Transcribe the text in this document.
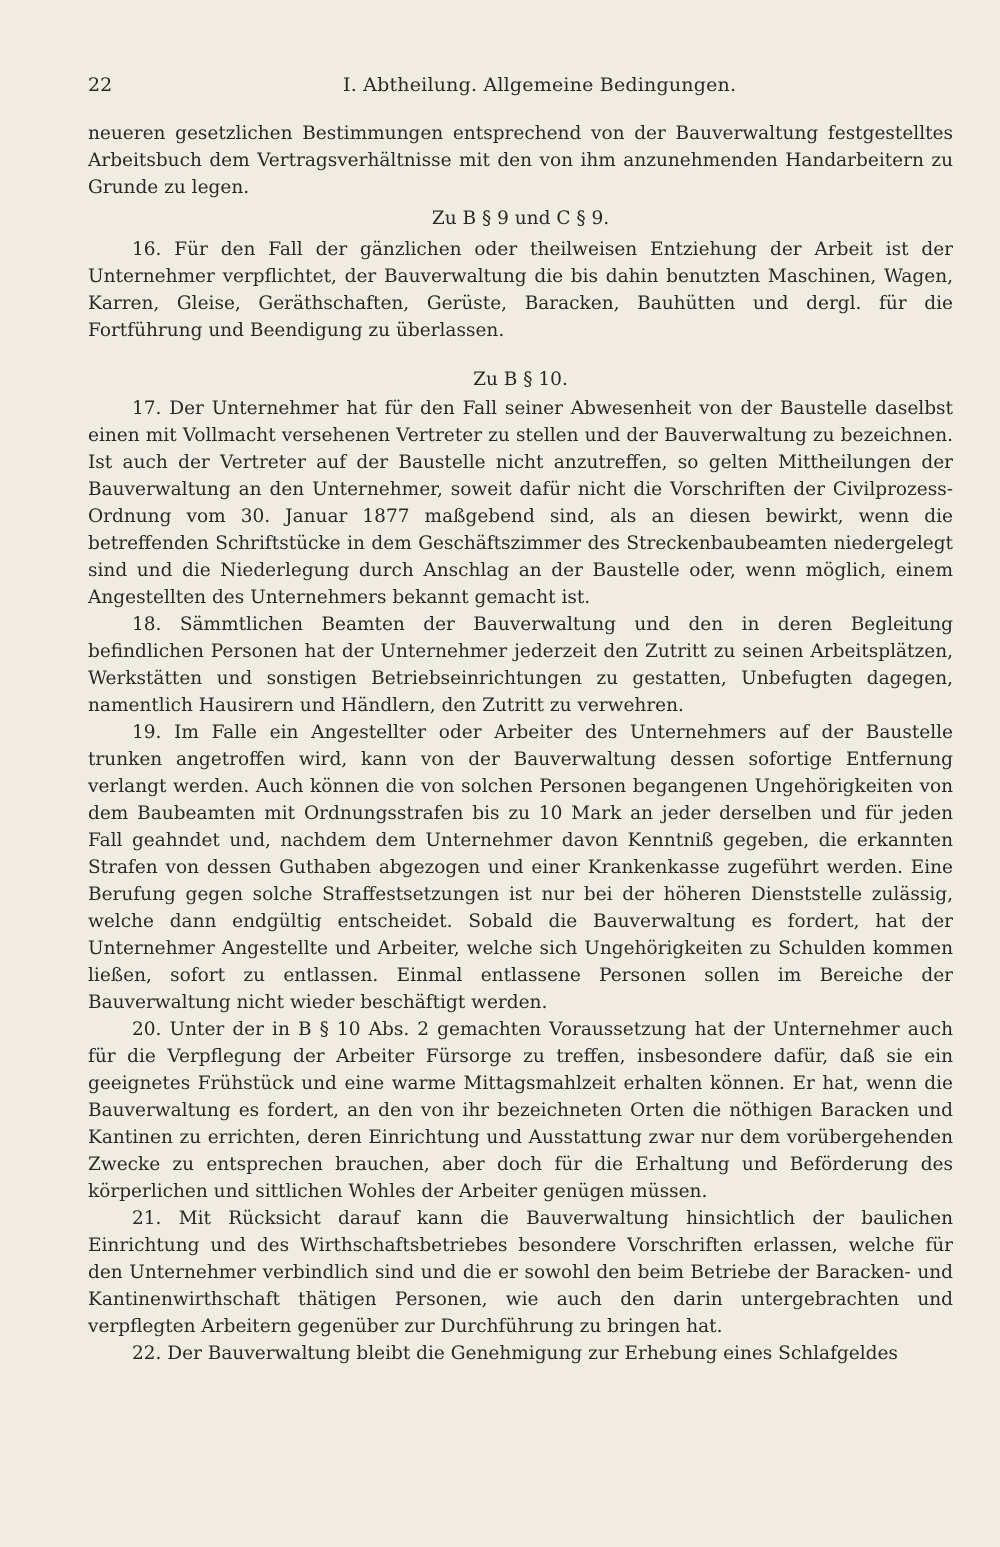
22	I. Abtheilung. Allgemeine Bedingungen.

neueren gesetzlichen Bestimmungen entsprechend von der Bauverwaltung festgestelltes Arbeitsbuch dem Vertragsverhältnisse mit den von ihm anzunehmenden Handarbeitern zu Grunde zu legen.

Zu B § 9 und C § 9.

16. Für den Fall der gänzlichen oder theilweisen Entziehung der Arbeit ist der Unternehmer verpflichtet, der Bauverwaltung die bis dahin benutzten Maschinen, Wagen, Karren, Gleise, Geräthschaften, Gerüste, Baracken, Bauhütten und dergl. für die Fortführung und Beendigung zu überlassen.

Zu B § 10.

17. Der Unternehmer hat für den Fall seiner Abwesenheit von der Baustelle daselbst einen mit Vollmacht versehenen Vertreter zu stellen und der Bauverwaltung zu bezeichnen. Ist auch der Vertreter auf der Baustelle nicht anzutreffen, so gelten Mittheilungen der Bauverwaltung an den Unternehmer, soweit dafür nicht die Vorschriften der Civilprozess-Ordnung vom 30. Januar 1877 maßgebend sind, als an diesen bewirkt, wenn die betreffenden Schriftstücke in dem Geschäftszimmer des Streckenbaubeamten niedergelegt sind und die Niederlegung durch Anschlag an der Baustelle oder, wenn möglich, einem Angestellten des Unternehmers bekannt gemacht ist.

18. Sämmtlichen Beamten der Bauverwaltung und den in deren Begleitung befindlichen Personen hat der Unternehmer jederzeit den Zutritt zu seinen Arbeitsplätzen, Werkstätten und sonstigen Betriebseinrichtungen zu gestatten, Unbefugten dagegen, namentlich Hausirern und Händlern, den Zutritt zu verwehren.

19. Im Falle ein Angestellter oder Arbeiter des Unternehmers auf der Baustelle trunken angetroffen wird, kann von der Bauverwaltung dessen sofortige Entfernung verlangt werden. Auch können die von solchen Personen begangenen Ungehörigkeiten von dem Baubeamten mit Ordnungsstrafen bis zu 10 Mark an jeder derselben und für jeden Fall geahndet und, nachdem dem Unternehmer davon Kenntniß gegeben, die erkannten Strafen von dessen Guthaben abgezogen und einer Krankenkasse zugeführt werden. Eine Berufung gegen solche Straffestsetzungen ist nur bei der höheren Dienststelle zulässig, welche dann endgültig entscheidet. Sobald die Bauverwaltung es fordert, hat der Unternehmer Angestellte und Arbeiter, welche sich Ungehörigkeiten zu Schulden kommen ließen, sofort zu entlassen. Einmal entlassene Personen sollen im Bereiche der Bauverwaltung nicht wieder beschäftigt werden.

20. Unter der in B § 10 Abs. 2 gemachten Voraussetzung hat der Unternehmer auch für die Verpflegung der Arbeiter Fürsorge zu treffen, insbesondere dafür, daß sie ein geeignetes Frühstück und eine warme Mittagsmahlzeit erhalten können. Er hat, wenn die Bauverwaltung es fordert, an den von ihr bezeichneten Orten die nöthigen Baracken und Kantinen zu errichten, deren Einrichtung und Ausstattung zwar nur dem vorübergehenden Zwecke zu entsprechen brauchen, aber doch für die Erhaltung und Beförderung des körperlichen und sittlichen Wohles der Arbeiter genügen müssen.

21. Mit Rücksicht darauf kann die Bauverwaltung hinsichtlich der baulichen Einrichtung und des Wirthschaftsbetriebes besondere Vorschriften erlassen, welche für den Unternehmer verbindlich sind und die er sowohl den beim Betriebe der Baracken- und Kantinenwirthschaft thätigen Personen, wie auch den darin untergebrachten und verpflegten Arbeitern gegenüber zur Durchführung zu bringen hat.

22. Der Bauverwaltung bleibt die Genehmigung zur Erhebung eines Schlafgeldes
